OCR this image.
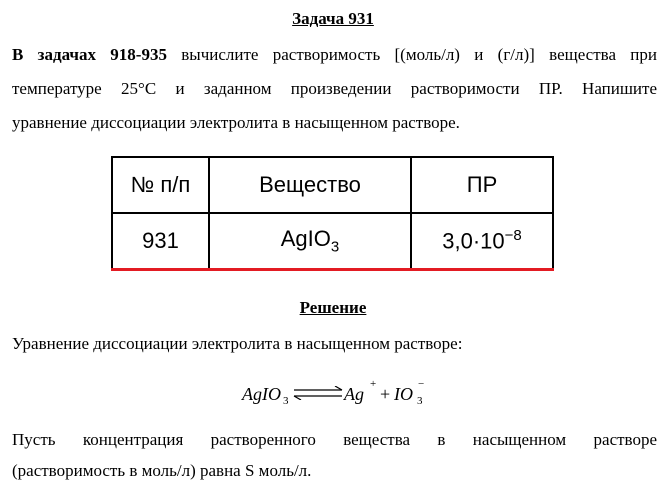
Задача 931
В задачах 918-935 вычислите растворимость [(моль/л) и (г/л)] вещества при
температуре 25°С и заданном произведении растворимости ПР. Напишите
уравнение диссоциации электролита в насыщенном растворе.
№ п/п	Вещество	ПР
931	AgIO$_3$	$3,0\cdot 10^{-8}$
Решение
Уравнение диссоциации электролита в насыщенном растворе:
AgIO 3 ⇌ Ag + + IO 3
−
Пусть концентрация растворенного вещества в насыщенном растворе
(растворимость в моль/л) равна S моль/л.
